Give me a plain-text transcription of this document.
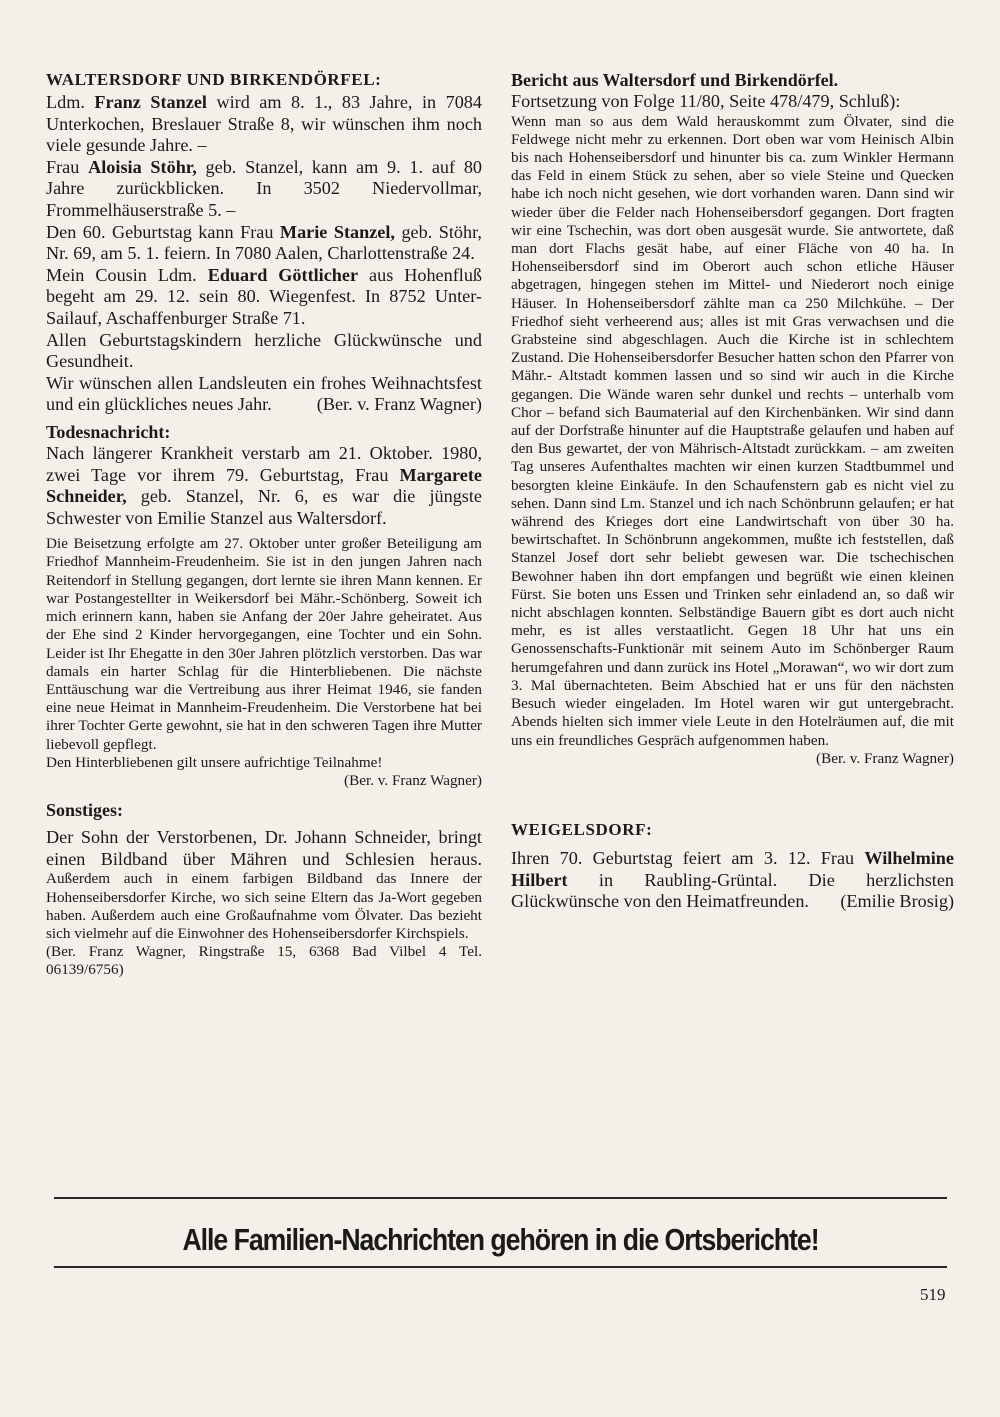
WALTERSDORF UND BIRKENDÖRFEL:

Ldm. Franz Stanzel wird am 8. 1., 83 Jahre, in 7084 Unterkochen, Breslauer Straße 8, wir wünschen ihm noch viele gesunde Jahre. –

Frau Aloisia Stöhr, geb. Stanzel, kann am 9. 1. auf 80 Jahre zurückblicken. In 3502 Niedervollmar, Frommelhäuserstraße 5. –

Den 60. Geburtstag kann Frau Marie Stanzel, geb. Stöhr, Nr. 69, am 5. 1. feiern. In 7080 Aalen, Charlottenstraße 24.

Mein Cousin Ldm. Eduard Göttlicher aus Hohenfluß begeht am 29. 12. sein 80. Wiegenfest. In 8752 Unter-Sailauf, Aschaffenburger Straße 71.

Allen Geburtstagskindern herzliche Glückwünsche und Gesundheit.

Wir wünschen allen Landsleuten ein frohes Weihnachtsfest und ein glückliches neues Jahr.	(Ber. v. Franz Wagner)

Todesnachricht:

Nach längerer Krankheit verstarb am 21. Oktober. 1980, zwei Tage vor ihrem 79. Geburtstag, Frau Margarete Schneider, geb. Stanzel, Nr. 6, es war die jüngste Schwester von Emilie Stanzel aus Waltersdorf.

Die Beisetzung erfolgte am 27. Oktober unter großer Beteiligung am Friedhof Mannheim-Freudenheim. Sie ist in den jungen Jahren nach Reitendorf in Stellung gegangen, dort lernte sie ihren Mann kennen. Er war Postangestellter in Weikersdorf bei Mähr.-Schönberg. Soweit ich mich erinnern kann, haben sie Anfang der 20er Jahre geheiratet. Aus der Ehe sind 2 Kinder hervorgegangen, eine Tochter und ein Sohn. Leider ist Ihr Ehegatte in den 30er Jahren plötzlich verstorben. Das war damals ein harter Schlag für die Hinterbliebenen. Die nächste Enttäuschung war die Vertreibung aus ihrer Heimat 1946, sie fanden eine neue Heimat in Mannheim-Freudenheim. Die Verstorbene hat bei ihrer Tochter Gerte gewohnt, sie hat in den schweren Tagen ihre Mutter liebevoll gepflegt.

Den Hinterbliebenen gilt unsere aufrichtige Teilnahme!

(Ber. v. Franz Wagner)

Sonstiges:

Der Sohn der Verstorbenen, Dr. Johann Schneider, bringt einen Bildband über Mähren und Schlesien heraus. Außerdem auch in einem farbigen Bildband das Innere der Hohenseibersdorfer Kirche, wo sich seine Eltern das Ja-Wort gegeben haben. Außerdem auch eine Großaufnahme vom Ölvater. Das bezieht sich vielmehr auf die Einwohner des Hohenseibersdorfer Kirchspiels.

(Ber. Franz Wagner, Ringstraße 15, 6368 Bad Vilbel 4 Tel. 06139/6756)

Bericht aus Waltersdorf und Birkendörfel.

Fortsetzung von Folge 11/80, Seite 478/479, Schluß):

Wenn man so aus dem Wald herauskommt zum Ölvater, sind die Feldwege nicht mehr zu erkennen. Dort oben war vom Heinisch Albin bis nach Hohenseibersdorf und hinunter bis ca. zum Winkler Hermann das Feld in einem Stück zu sehen, aber so viele Steine und Quecken habe ich noch nicht gesehen, wie dort vorhanden waren. Dann sind wir wieder über die Felder nach Hohenseibersdorf gegangen. Dort fragten wir eine Tschechin, was dort oben ausgesät wurde. Sie antwortete, daß man dort Flachs gesät habe, auf einer Fläche von 40 ha. In Hohenseibersdorf sind im Oberort auch schon etliche Häuser abgetragen, hingegen stehen im Mittel- und Niederort noch einige Häuser. In Hohenseibersdorf zählte man ca 250 Milchkühe. – Der Friedhof sieht verheerend aus; alles ist mit Gras verwachsen und die Grabsteine sind abgeschlagen. Auch die Kirche ist in schlechtem Zustand. Die Hohenseibersdorfer Besucher hatten schon den Pfarrer von Mähr.- Altstadt kommen lassen und so sind wir auch in die Kirche gegangen. Die Wände waren sehr dunkel und rechts – unterhalb vom Chor – befand sich Baumaterial auf den Kirchenbänken. Wir sind dann auf der Dorfstraße hinunter auf die Hauptstraße gelaufen und haben auf den Bus gewartet, der von Mährisch-Altstadt zurückkam. – am zweiten Tag unseres Aufenthaltes machten wir einen kurzen Stadtbummel und besorgten kleine Einkäufe. In den Schaufenstern gab es nicht viel zu sehen. Dann sind Lm. Stanzel und ich nach Schönbrunn gelaufen; er hat während des Krieges dort eine Landwirtschaft von über 30 ha. bewirtschaftet. In Schönbrunn angekommen, mußte ich feststellen, daß Stanzel Josef dort sehr beliebt gewesen war. Die tschechischen Bewohner haben ihn dort empfangen und begrüßt wie einen kleinen Fürst. Sie boten uns Essen und Trinken sehr einladend an, so daß wir nicht abschlagen konnten. Selbständige Bauern gibt es dort auch nicht mehr, es ist alles verstaatlicht. Gegen 18 Uhr hat uns ein Genossenschafts-Funktionär mit seinem Auto im Schönberger Raum herumgefahren und dann zurück ins Hotel „Morawan“, wo wir dort zum 3. Mal übernachteten. Beim Abschied hat er uns für den nächsten Besuch wieder eingeladen. Im Hotel waren wir gut untergebracht. Abends hielten sich immer viele Leute in den Hotelräumen auf, die mit uns ein freundliches Gespräch aufgenommen haben.

(Ber. v. Franz Wagner)

WEIGELSDORF:

Ihren 70. Geburtstag feiert am 3. 12. Frau Wilhelmine Hilbert in Raubling-Grüntal. Die herzlichsten Glückwünsche von den Heimatfreunden.	(Emilie Brosig)

Alle Familien-Nachrichten gehören in die Ortsberichte!
519
